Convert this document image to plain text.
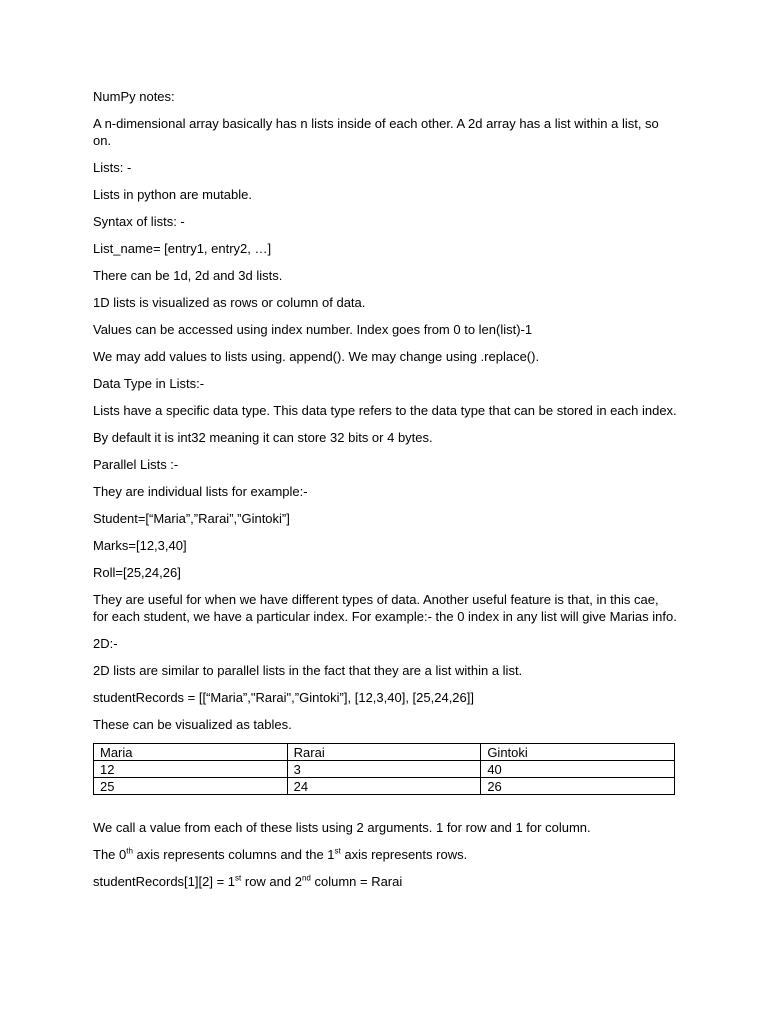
NumPy notes:

A n-dimensional array basically has n lists inside of each other. A 2d array has a list within a list, so on.

Lists: -

Lists in python are mutable.

Syntax of lists: -

List_name= [entry1, entry2, …]

There can be 1d, 2d and 3d lists.

1D lists is visualized as rows or column of data.

Values can be accessed using index number. Index goes from 0 to len(list)-1

We may add values to lists using. append(). We may change using .replace().

Data Type in Lists:-

Lists have a specific data type. This data type refers to the data type that can be stored in each index.

By default it is int32 meaning it can store 32 bits or 4 bytes.

Parallel Lists :-

They are individual lists for example:-

Student=[“Maria”,”Rarai”,”Gintoki”]

Marks=[12,3,40]

Roll=[25,24,26]

They are useful for when we have different types of data. Another useful feature is that, in this cae, for each student, we have a particular index. For example:- the 0 index in any list will give Marias info.

2D:-

2D lists are similar to parallel lists in the fact that they are a list within a list.

studentRecords = [[“Maria”,"Rarai",”Gintoki”], [12,3,40], [25,24,26]]

These can be visualized as tables.

Maria	Rarai	Gintoki
12	3	40
25	24	26

We call a value from each of these lists using 2 arguments. 1 for row and 1 for column.

The 0th axis represents columns and the 1st axis represents rows.

studentRecords[1][2] = 1st row and 2nd column = Rarai
